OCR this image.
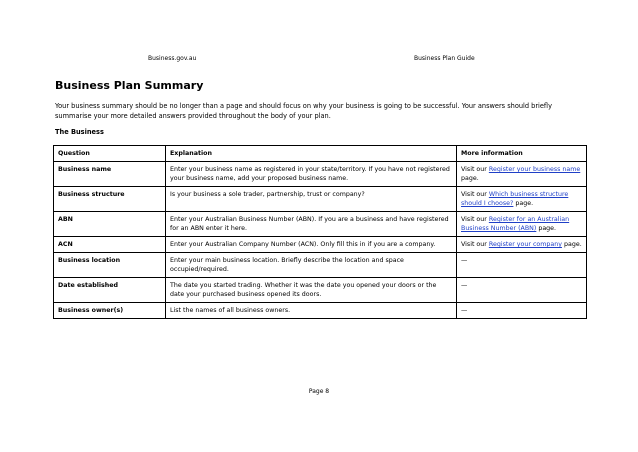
Business.gov.au	Business Plan Guide
Business Plan Summary

Your business summary should be no longer than a page and should focus on why your business is going to be successful. Your answers should briefly summarise your more detailed answers provided throughout the body of your plan.

The Business

Question	Explanation	More information
Business name	Enter your business name as registered in your state/territory. If you have not registered your business name, add your proposed business name.	Visit our Register your business name page.
Business structure	Is your business a sole trader, partnership, trust or company?	Visit our Which business structure should I choose? page.
ABN	Enter your Australian Business Number (ABN). If you are a business and have registered for an ABN enter it here.	Visit our Register for an Australian Business Number (ABN) page.
ACN	Enter your Australian Company Number (ACN). Only fill this in if you are a company.	Visit our Register your company page.
Business location	Enter your main business location. Briefly describe the location and space occupied/required.	—
Date established	The date you started trading. Whether it was the date you opened your doors or the date your purchased business opened its doors.	—
Business owner(s)	List the names of all business owners.	—
Page 8
